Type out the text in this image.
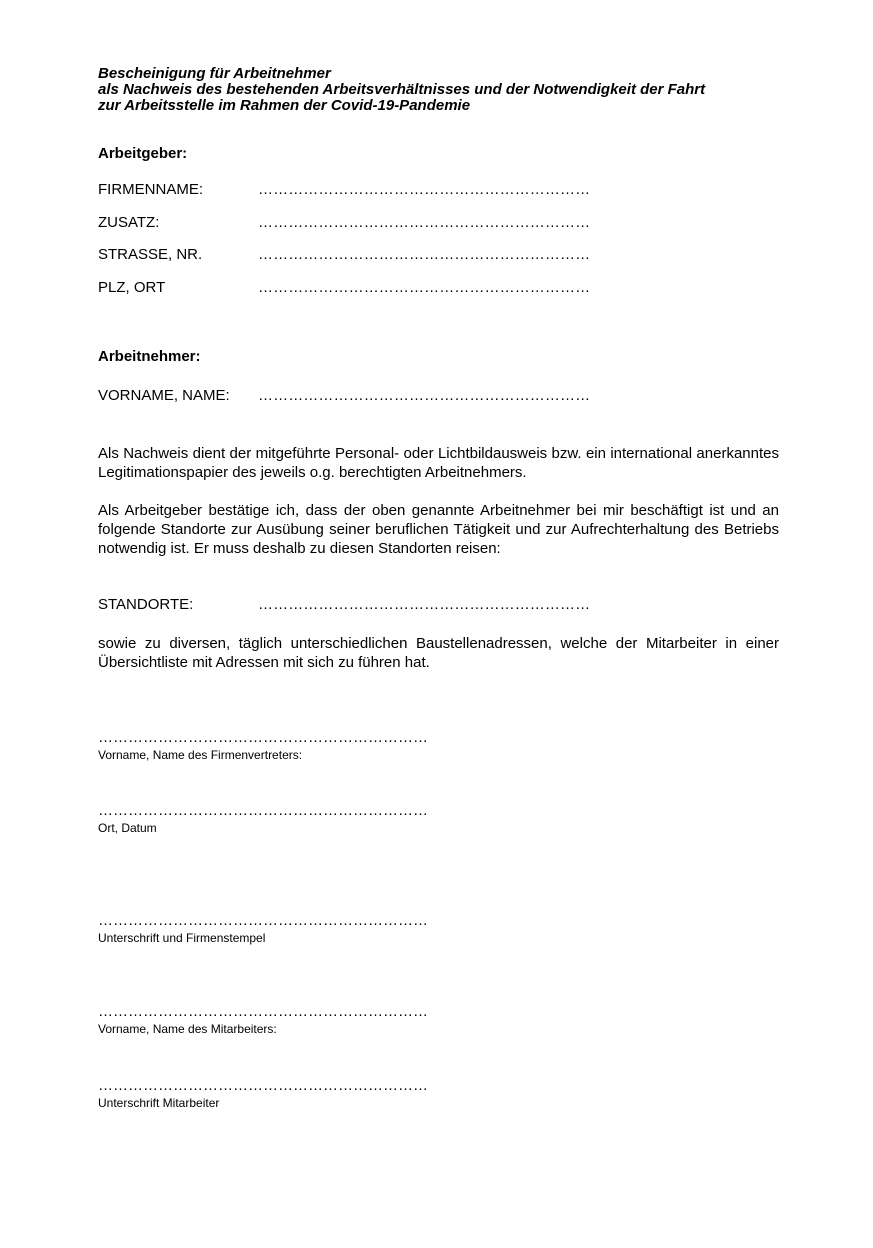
Bescheinigung für Arbeitnehmer
als Nachweis des bestehenden Arbeitsverhältnisses und der Notwendigkeit der Fahrt
zur Arbeitsstelle im Rahmen der Covid-19-Pandemie
Arbeitgeber:
FIRMENNAME:	…………………………………………………………
ZUSATZ:	…………………………………………………………
STRASSE, NR.	…………………………………………………………
PLZ, ORT	…………………………………………………………
Arbeitnehmer:
VORNAME, NAME: …………………………………………………………
Als Nachweis dient der mitgeführte Personal- oder Lichtbildausweis bzw. ein international anerkanntes Legitimationspapier des jeweils o.g. berechtigten Arbeitnehmers.
Als Arbeitgeber bestätige ich, dass der oben genannte Arbeitnehmer bei mir beschäftigt ist und an folgende Standorte zur Ausübung seiner beruflichen Tätigkeit und zur Aufrechterhaltung des Betriebs notwendig ist. Er muss deshalb zu diesen Standorten reisen:
STANDORTE:	…………………………………………………………
sowie zu diversen, täglich unterschiedlichen Baustellenadressen, welche der Mitarbeiter in einer Übersichtliste mit Adressen mit sich zu führen hat.
…………………………………………………………
Vorname, Name des Firmenvertreters:
…………………………………………………………
Ort, Datum
…………………………………………………………
Unterschrift und Firmenstempel
…………………………………………………………
Vorname, Name des Mitarbeiters:
…………………………………………………………
Unterschrift Mitarbeiter
